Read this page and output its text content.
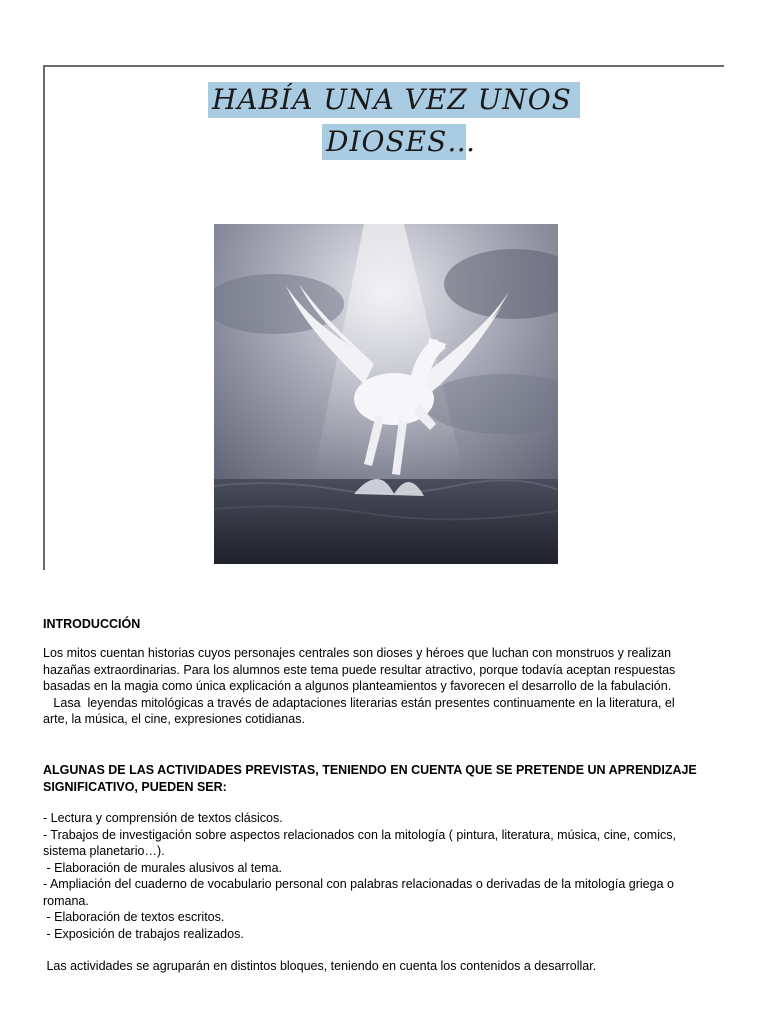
HABÍA UNA VEZ UNOS
DIOSES…

INTRODUCCIÓN

Los mitos cuentan historias cuyos personajes centrales son dioses y héroes que luchan con monstruos y realizan

hazañas extraordinarias. Para los alumnos este tema puede resultar atractivo, porque todavía aceptan respuestas

basadas en la magia como única explicación a algunos planteamientos y favorecen el desarrollo de la fabulación.

Lasa  leyendas mitológicas a través de adaptaciones literarias están presentes continuamente en la literatura, el

arte, la música, el cine, expresiones cotidianas.

ALGUNAS DE LAS ACTIVIDADES PREVISTAS, TENIENDO EN CUENTA QUE SE PRETENDE UN APRENDIZAJE

SIGNIFICATIVO, PUEDEN SER:

- Lectura y comprensión de textos clásicos.

- Trabajos de investigación sobre aspectos relacionados con la mitología ( pintura, literatura, música, cine, comics,

sistema planetario…).

- Elaboración de murales alusivos al tema.

- Ampliación del cuaderno de vocabulario personal con palabras relacionadas o derivadas de la mitología griega o

romana.

- Elaboración de textos escritos.

- Exposición de trabajos realizados.

Las actividades se agruparán en distintos bloques, teniendo en cuenta los contenidos a desarrollar.
